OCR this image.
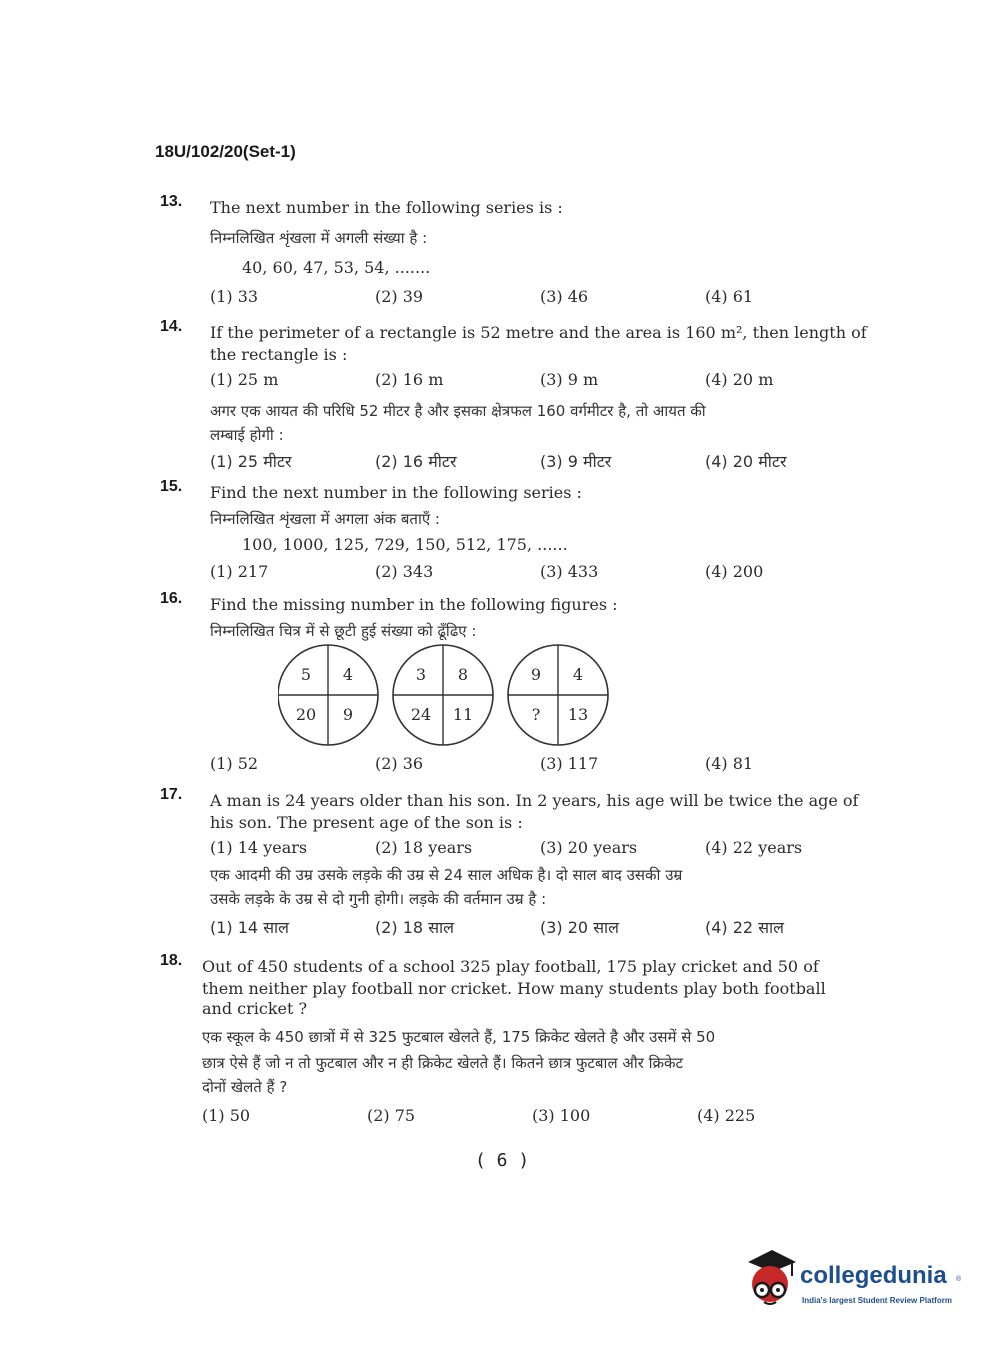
18U/102/20(Set-1)
13. The next number in the following series is :
निम्नलिखित शृंखला में अगली संख्या है :
40, 60, 47, 53, 54, .......
(1) 33	(2) 39	(3) 46	(4) 61
14. If the perimeter of a rectangle is 52 metre and the area is 160 m², then length of
the rectangle is :
(1) 25 m	(2) 16 m	(3) 9 m	(4) 20 m
अगर एक आयत की परिधि 52 मीटर है और इसका क्षेत्रफल 160 वर्गमीटर है, तो आयत की
लम्बाई होगी :
(1) 25 मीटर	(2) 16 मीटर	(3) 9 मीटर	(4) 20 मीटर
15. Find the next number in the following series :
निम्नलिखित शृंखला में अगला अंक बताएँ :
100, 1000, 125, 729, 150, 512, 175, ......
(1) 217	(2) 343	(3) 433	(4) 200
16. Find the missing number in the following figures :
निम्नलिखित चित्र में से छूटी हुई संख्या को ढूँढिए :
5 4
20 9
3 8
24 11
9 4
? 13
(1) 52	(2) 36	(3) 117	(4) 81
17. A man is 24 years older than his son. In 2 years, his age will be twice the age of
his son. The present age of the son is :
(1) 14 years	(2) 18 years	(3) 20 years	(4) 22 years
एक आदमी की उम्र उसके लड़के की उम्र से 24 साल अधिक है। दो साल बाद उसकी उम्र
उसके लड़के के उम्र से दो गुनी होगी। लड़के की वर्तमान उम्र है :
(1) 14 साल	(2) 18 साल	(3) 20 साल	(4) 22 साल
18. Out of 450 students of a school 325 play football, 175 play cricket and 50 of
them neither play football nor cricket. How many students play both football
and cricket ?
एक स्कूल के 450 छात्रों में से 325 फुटबाल खेलते हैं, 175 क्रिकेट खेलते है और उसमें से 50
छात्र ऐसे हैं जो न तो फुटबाल और न ही क्रिकेट खेलते हैं। कितने छात्र फुटबाल और क्रिकेट
दोनों खेलते हैं ?
(1) 50	(2) 75	(3) 100	(4) 225
( 6 )
collegedunia ®
India's largest Student Review Platform
